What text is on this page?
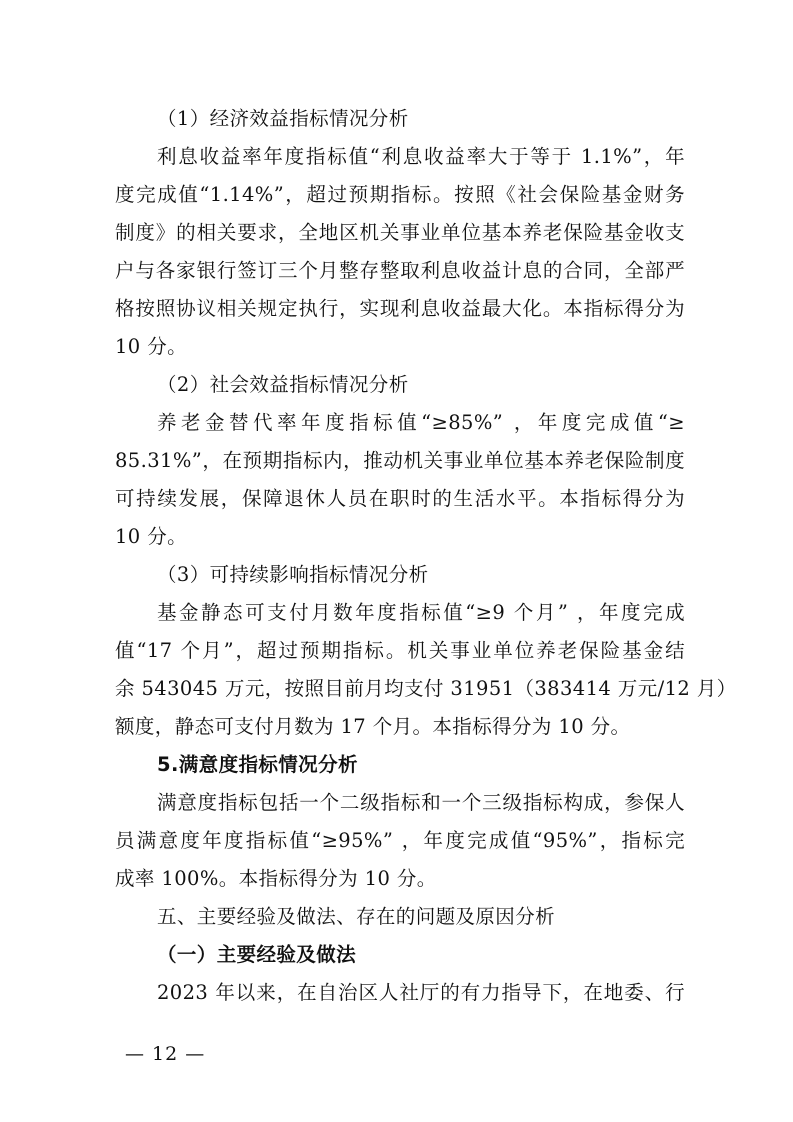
（1）经济效益指标情况分析
利息收益率年度指标值“利息收益率大于等于 1.1%”，年
度完成值“1.14%”，超过预期指标。按照《社会保险基金财务
制度》的相关要求，全地区机关事业单位基本养老保险基金收支
户与各家银行签订三个月整存整取利息收益计息的合同，全部严
格按照协议相关规定执行，实现利息收益最大化。本指标得分为
10 分。
（2）社会效益指标情况分析
养老金替代率年度指标值“≥85%” ，年度完成值“≥
85.31%”，在预期指标内，推动机关事业单位基本养老保险制度
可持续发展，保障退休人员在职时的生活水平。本指标得分为
10 分。
（3）可持续影响指标情况分析
基金静态可支付月数年度指标值“≥9 个月” ，年度完成
值“17 个月”，超过预期指标。机关事业单位养老保险基金结
余 543045 万元，按照目前月均支付 31951（383414 万元/12 月）
额度，静态可支付月数为 17 个月。本指标得分为 10 分。
5.满意度指标情况分析
满意度指标包括一个二级指标和一个三级指标构成，参保人
员满意度年度指标值“≥95%” ，年度完成值“95%”，指标完
成率 100%。本指标得分为 10 分。
五、主要经验及做法、存在的问题及原因分析
（一）主要经验及做法
2023 年以来，在自治区人社厅的有力指导下，在地委、行
— 12 —
